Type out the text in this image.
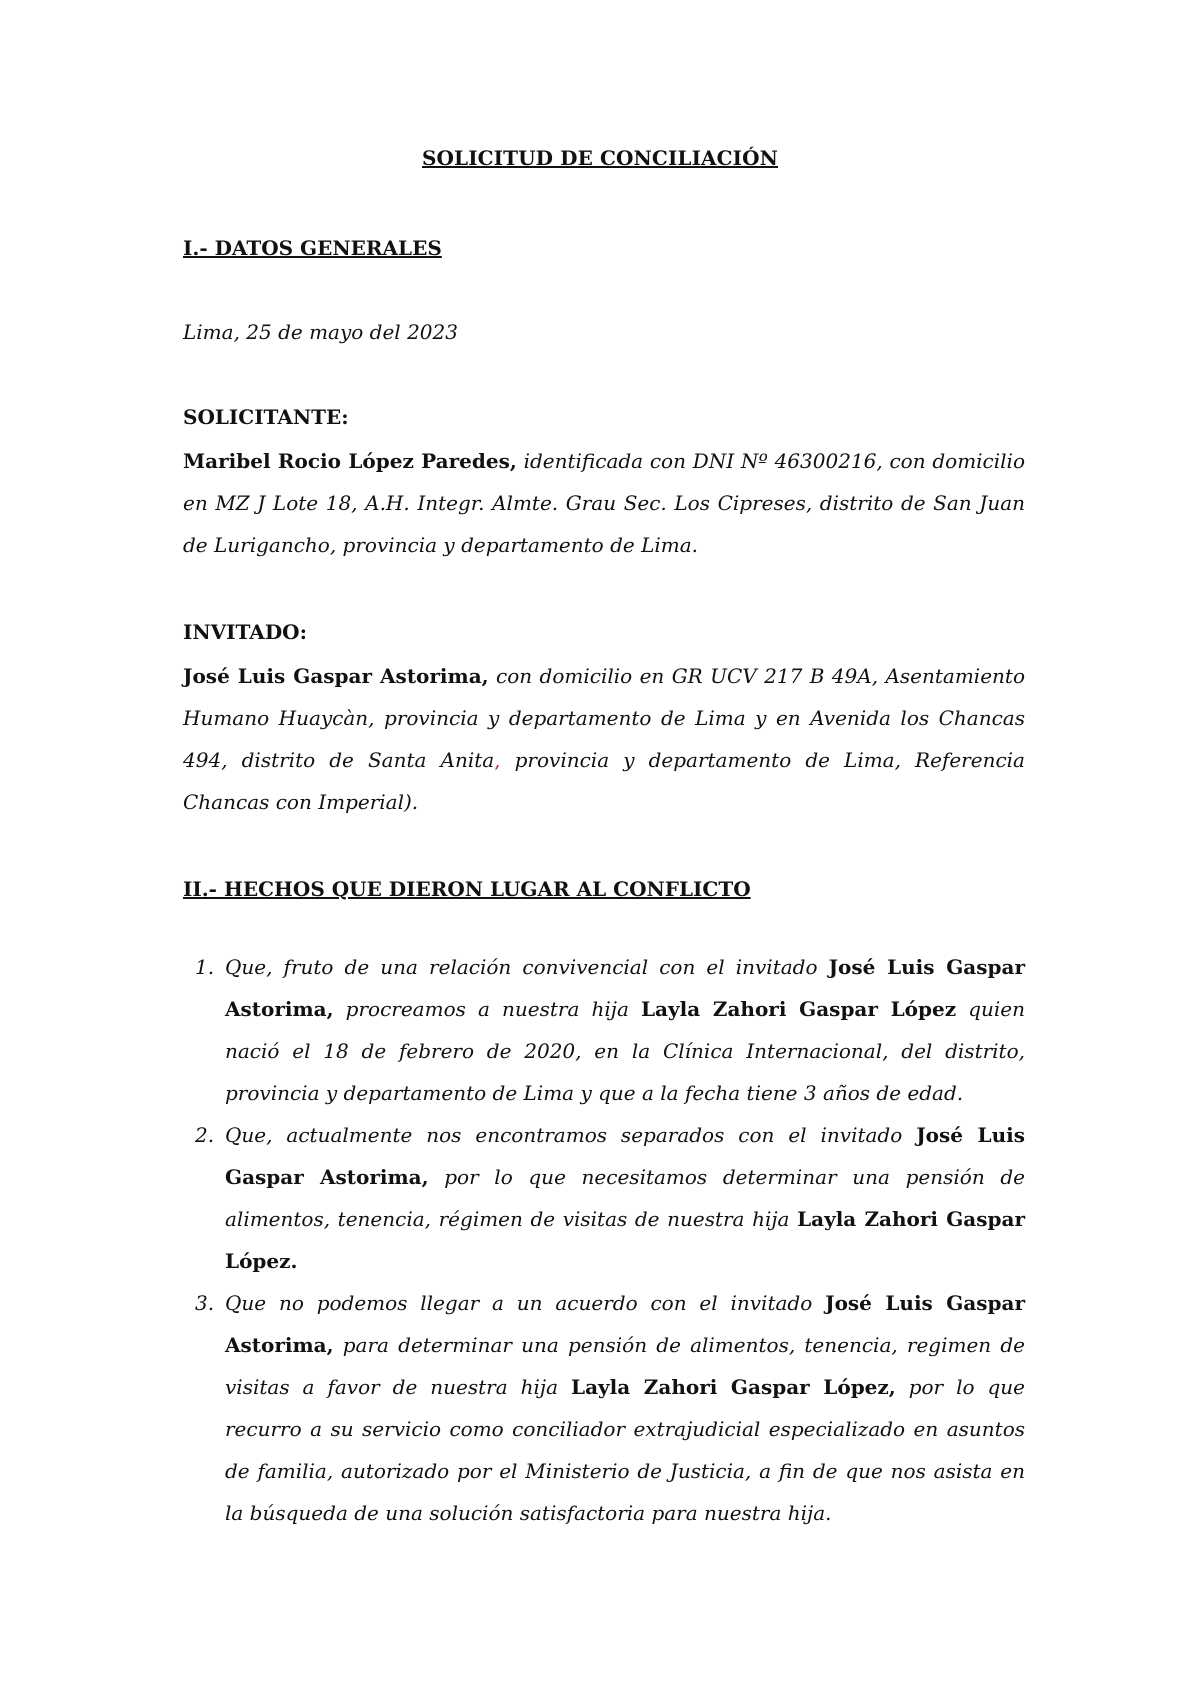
SOLICITUD DE CONCILIACIÓN
I.- DATOS GENERALES
Lima, 25 de mayo del 2023
SOLICITANTE:

Maribel Rocio López Paredes, identificada con DNI Nº 46300216, con domicilio en MZ J Lote 18, A.H. Integr. Almte. Grau Sec. Los Cipreses, distrito de San Juan de Lurigancho, provincia y departamento de Lima.

INVITADO:

José Luis Gaspar Astorima, con domicilio en GR UCV 217 B 49A, Asentamiento Humano Huaycàn, provincia y departamento de Lima y en Avenida los Chancas 494, distrito de Santa Anita, provincia y departamento de Lima, Referencia Chancas con Imperial).

II.- HECHOS QUE DIERON LUGAR AL CONFLICTO
1. Que, fruto de una relación convivencial con el invitado José Luis Gaspar Astorima, procreamos a nuestra hija Layla Zahori Gaspar López quien nació el 18 de febrero de 2020, en la Clínica Internacional, del distrito, provincia y departamento de Lima y que a la fecha tiene 3 años de edad.
2. Que, actualmente nos encontramos separados con el invitado José Luis Gaspar Astorima, por lo que necesitamos determinar una pensión de alimentos, tenencia, régimen de visitas de nuestra hija Layla Zahori Gaspar López.
3. Que no podemos llegar a un acuerdo con el invitado José Luis Gaspar Astorima, para determinar una pensión de alimentos, tenencia, regimen de visitas a favor de nuestra hija Layla Zahori Gaspar López, por lo que recurro a su servicio como conciliador extrajudicial especializado en asuntos de familia, autorizado por el Ministerio de Justicia, a fin de que nos asista en la búsqueda de una solución satisfactoria para nuestra hija.
